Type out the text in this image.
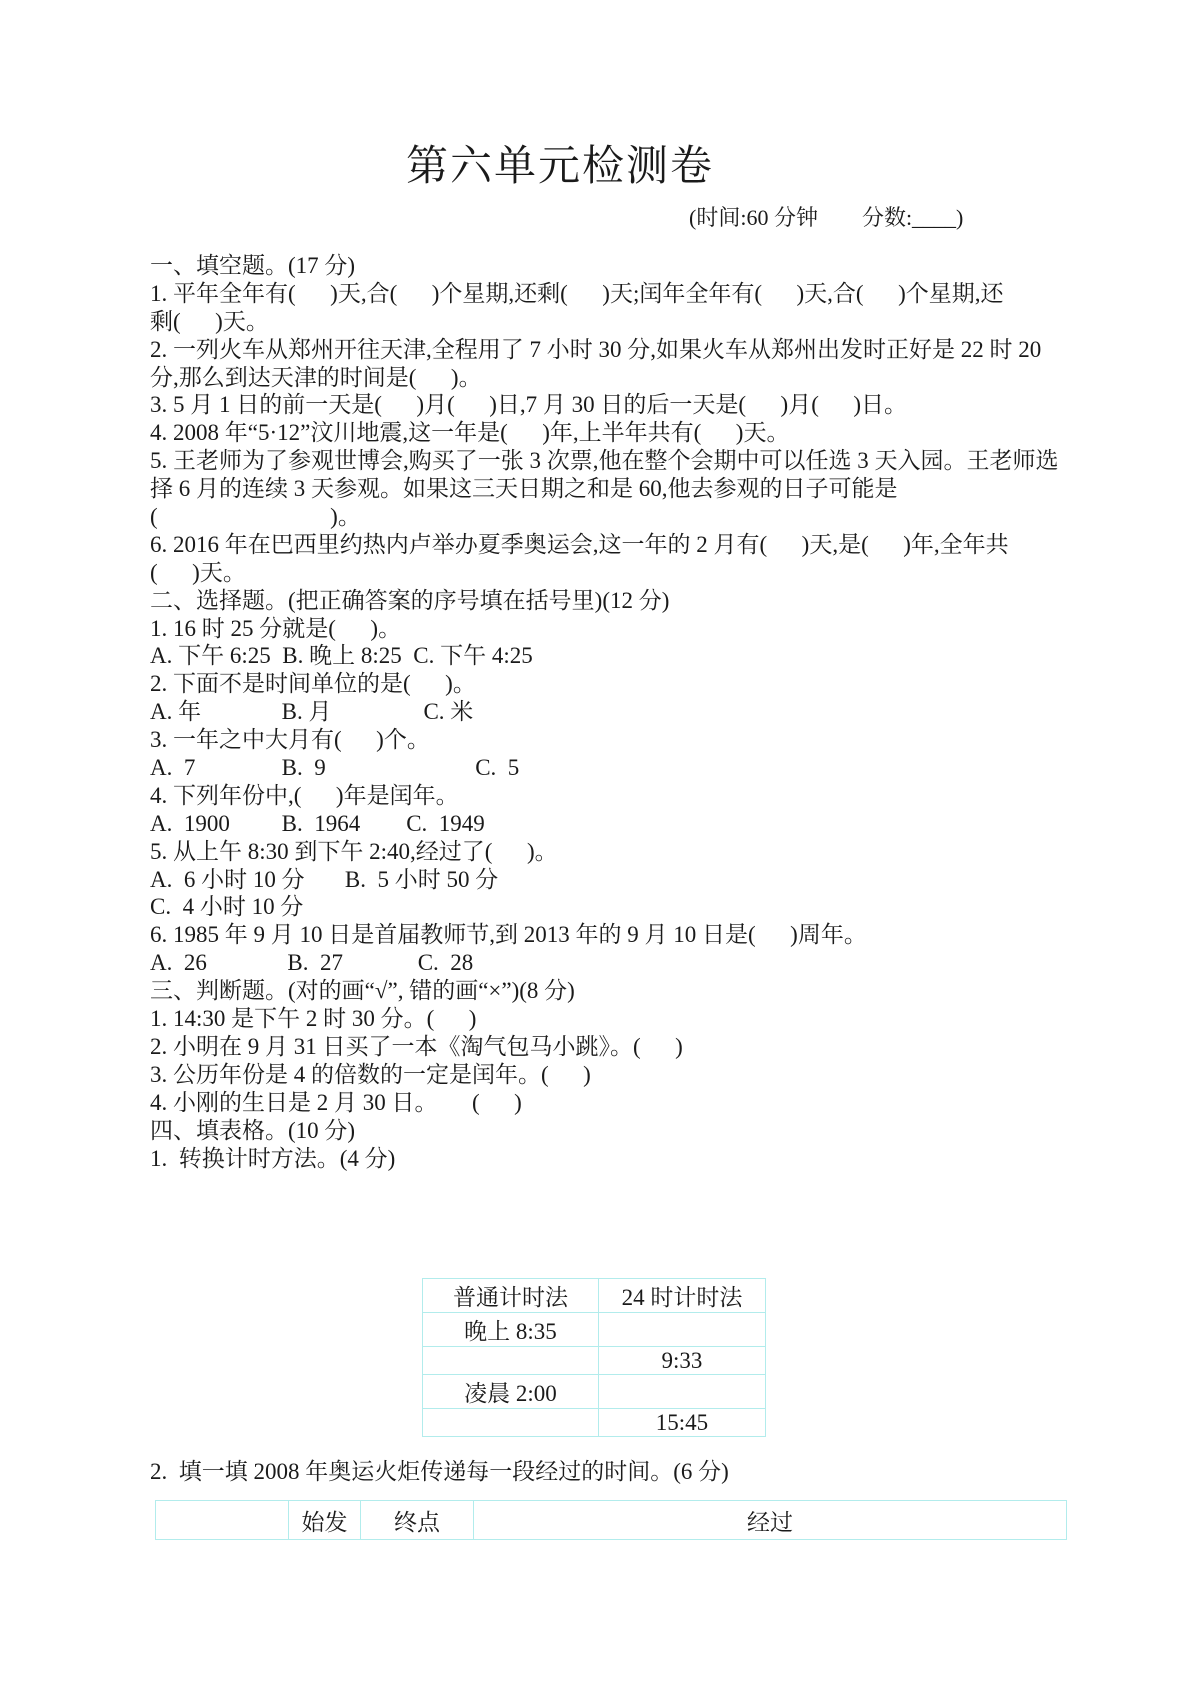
第六单元检测卷
(时间:60 分钟        分数:____)
一、填空题。(17 分)
1. 平年全年有(      )天,合(      )个星期,还剩(      )天;闰年全年有(      )天,合(      )个星期,还
剩(      )天。
2. 一列火车从郑州开往天津,全程用了 7 小时 30 分,如果火车从郑州出发时正好是 22 时 20
分,那么到达天津的时间是(      )。
3. 5 月 1 日的前一天是(      )月(      )日,7 月 30 日的后一天是(      )月(      )日。
4. 2008 年“5·12”汶川地震,这一年是(      )年,上半年共有(      )天。
5. 王老师为了参观世博会,购买了一张 3 次票,他在整个会期中可以任选 3 天入园。王老师选
择 6 月的连续 3 天参观。如果这三天日期之和是 60,他去参观的日子可能是
(                              )。
6. 2016 年在巴西里约热内卢举办夏季奥运会,这一年的 2 月有(      )天,是(      )年,全年共
(      )天。
二、选择题。(把正确答案的序号填在括号里)(12 分)
1. 16 时 25 分就是(      )。
A. 下午 6:25  B. 晚上 8:25  C. 下午 4:25
2. 下面不是时间单位的是(      )。
A. 年              B. 月                C. 米
3. 一年之中大月有(      )个。
A.  7               B.  9                          C.  5
4. 下列年份中,(      )年是闰年。
A.  1900         B.  1964        C.  1949
5. 从上午 8:30 到下午 2:40,经过了(      )。
A.  6 小时 10 分       B.  5 小时 50 分
C.  4 小时 10 分
6. 1985 年 9 月 10 日是首届教师节,到 2013 年的 9 月 10 日是(      )周年。
A.  26              B.  27             C.  28
三、判断题。(对的画“√”, 错的画“×”)(8 分)
1. 14:30 是下午 2 时 30 分。(      )
2. 小明在 9 月 31 日买了一本《淘气包马小跳》。(      )
3. 公历年份是 4 的倍数的一定是闰年。(      )
4. 小刚的生日是 2 月 30 日。      (      )
四、填表格。(10 分)
1.  转换计时方法。(4 分)
普通计时法	24 时计时法
晚上 8:35	
	9:33
凌晨 2:00	
	15:45
2.  填一填 2008 年奥运火炬传递每一段经过的时间。(6 分)
	始发	终点	经过
